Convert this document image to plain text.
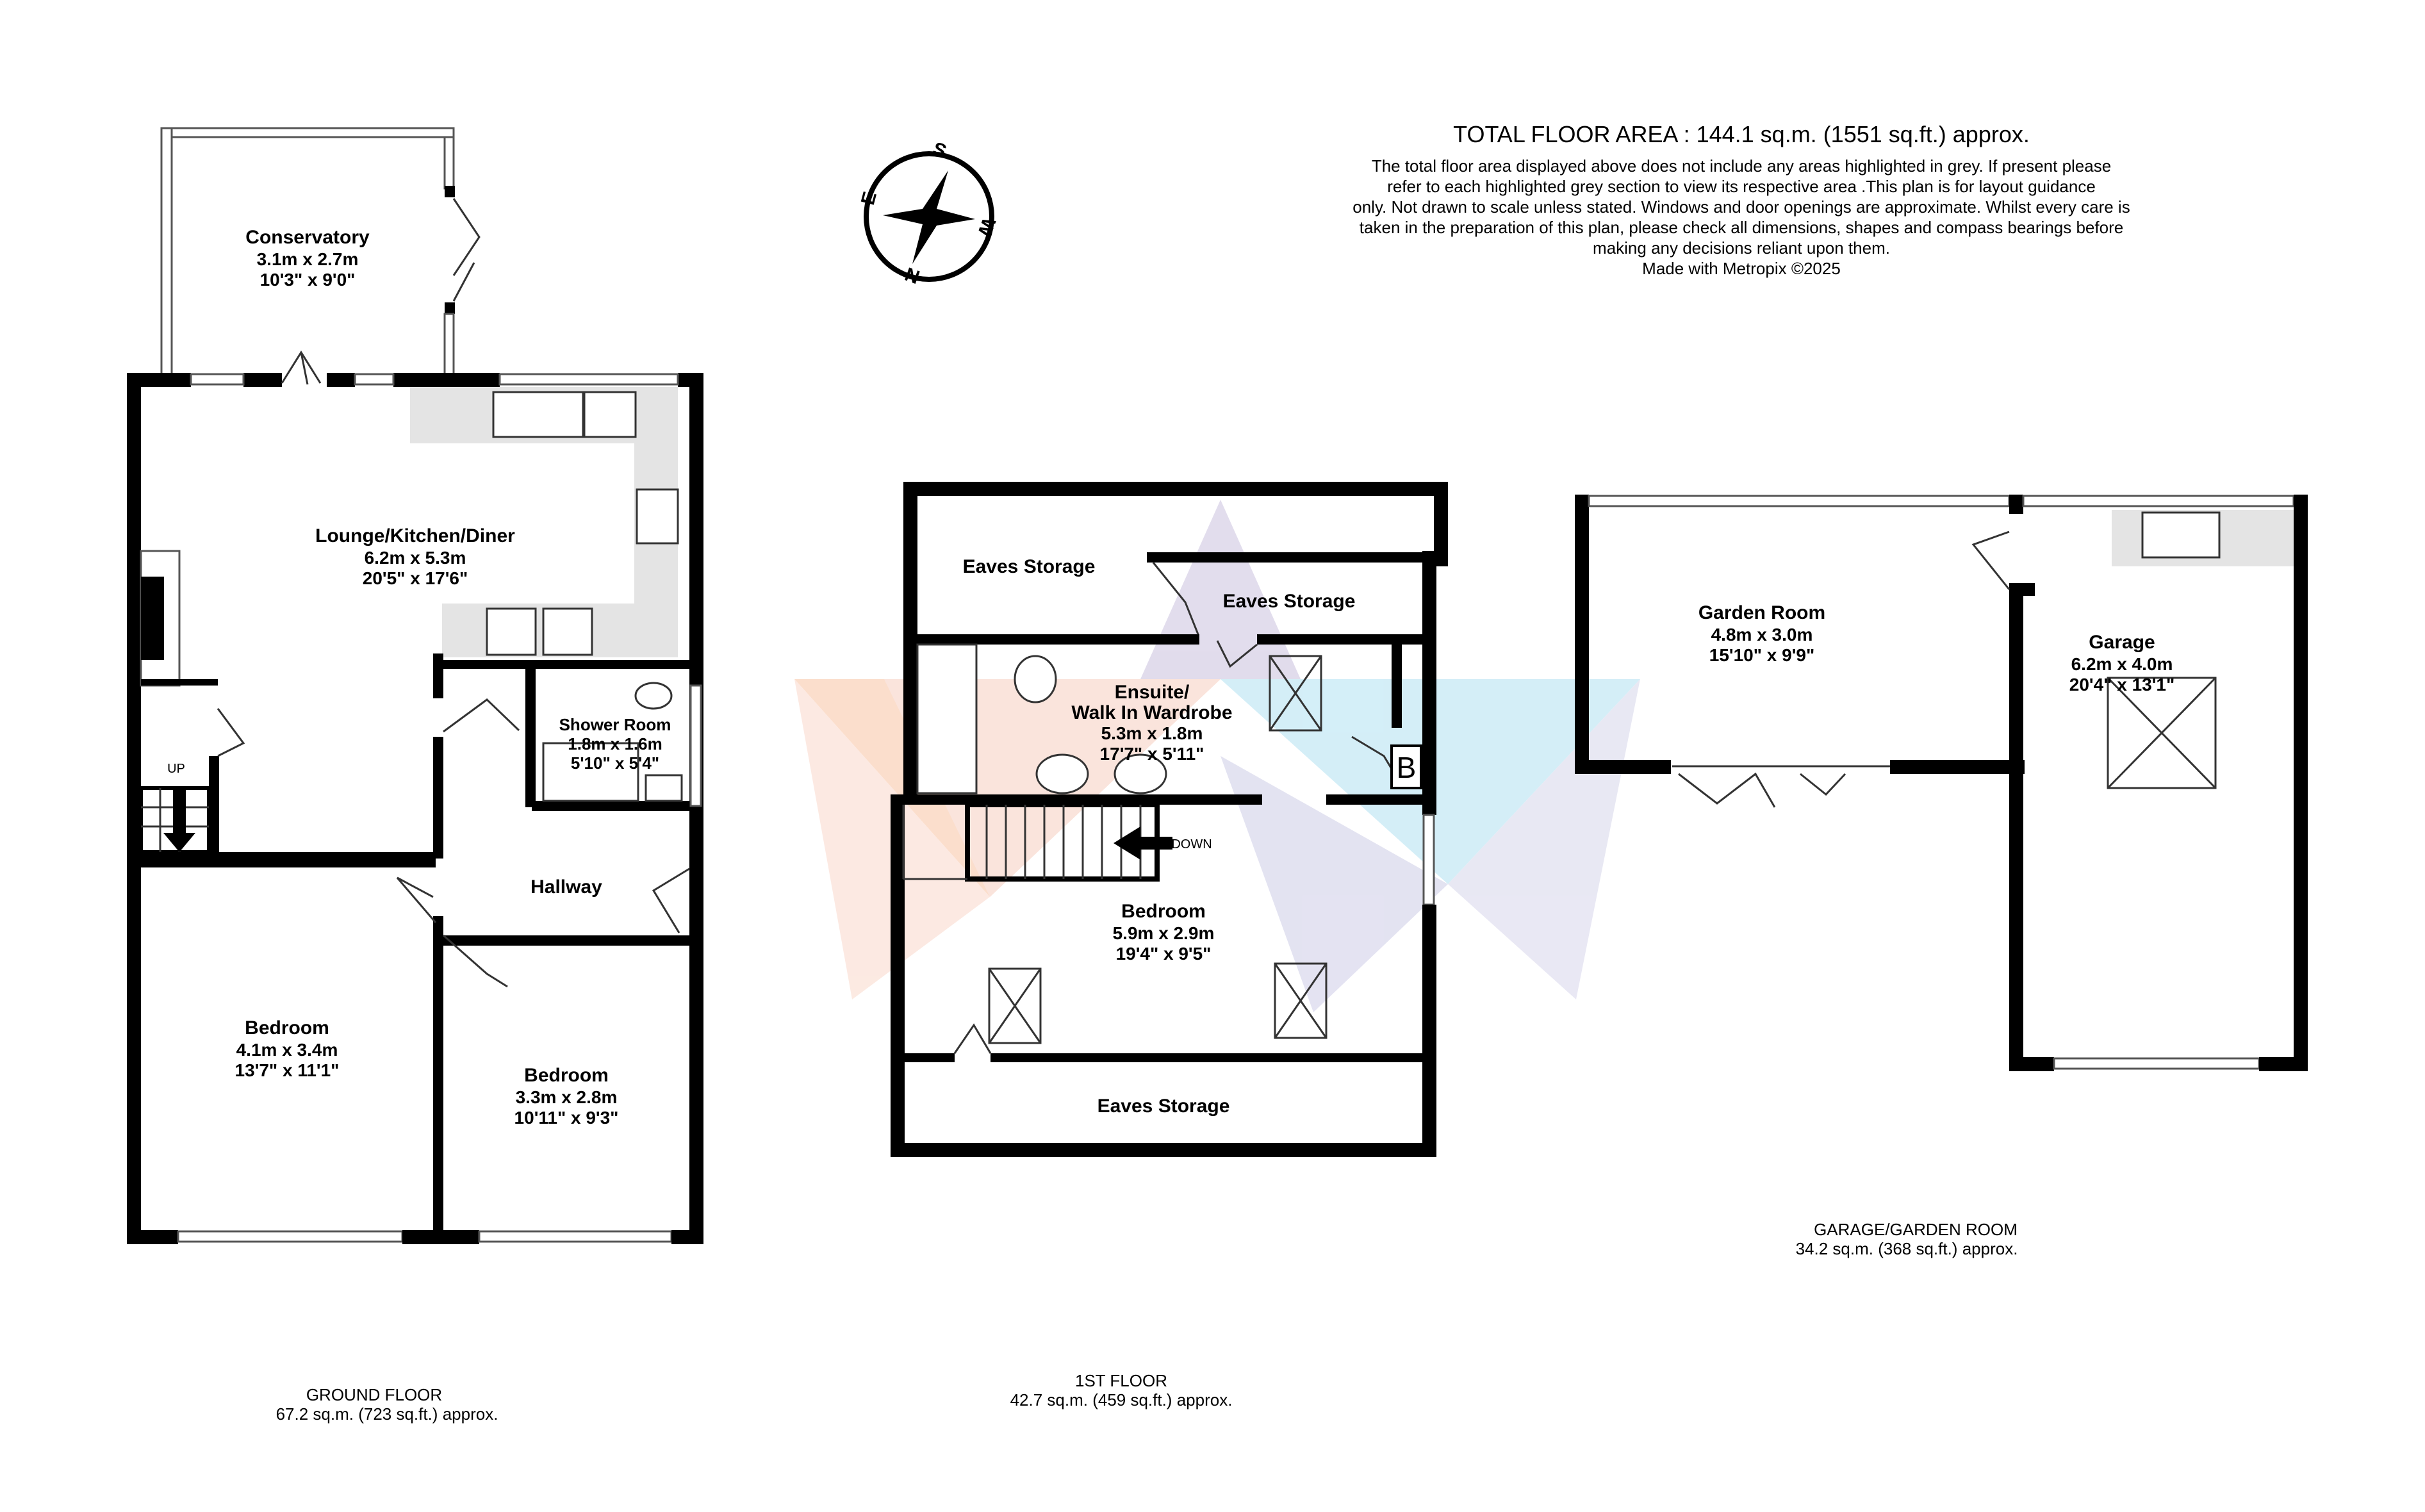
TOTAL FLOOR AREA : 144.1 sq.m. (1551 sq.ft.) approx.
The total floor area displayed above does not include any areas highlighted in grey. If present please
refer to each highlighted grey section to view its respective area .This plan is for layout guidance
only. Not drawn to scale unless stated. Windows and door openings are approximate. Whilst every care is
taken in the preparation of this plan, please check all dimensions, shapes and compass bearings before
making any decisions reliant upon them.
Made with Metropix ©2025
S
E
W
N
Conservatory
3.1m x 2.7m
10'3" x 9'0"
Lounge/Kitchen/Diner
6.2m x 5.3m
20'5" x 17'6"
Shower Room
1.8m x 1.6m
5'10" x 5'4"
Hallway
Bedroom
4.1m x 3.4m
13'7" x 11'1"	Bedroom
3.3m x 2.8m
10'11" x 9'3"
UP
GROUND FLOOR
67.2 sq.m. (723 sq.ft.) approx.
B
Eaves Storage
Eaves Storage
Eaves Storage
Ensuite/
Walk In Wardrobe
5.3m x 1.8m
17'7" x 5'11"
Bedroom
5.9m x 2.9m
19'4" x 9'5"
DOWN
1ST FLOOR
42.7 sq.m. (459 sq.ft.) approx.
Garden Room
4.8m x 3.0m
15'10" x 9'9"
Garage
6.2m x 4.0m
20'4" x 13'1"
GARAGE/GARDEN ROOM
34.2 sq.m. (368 sq.ft.) approx.
